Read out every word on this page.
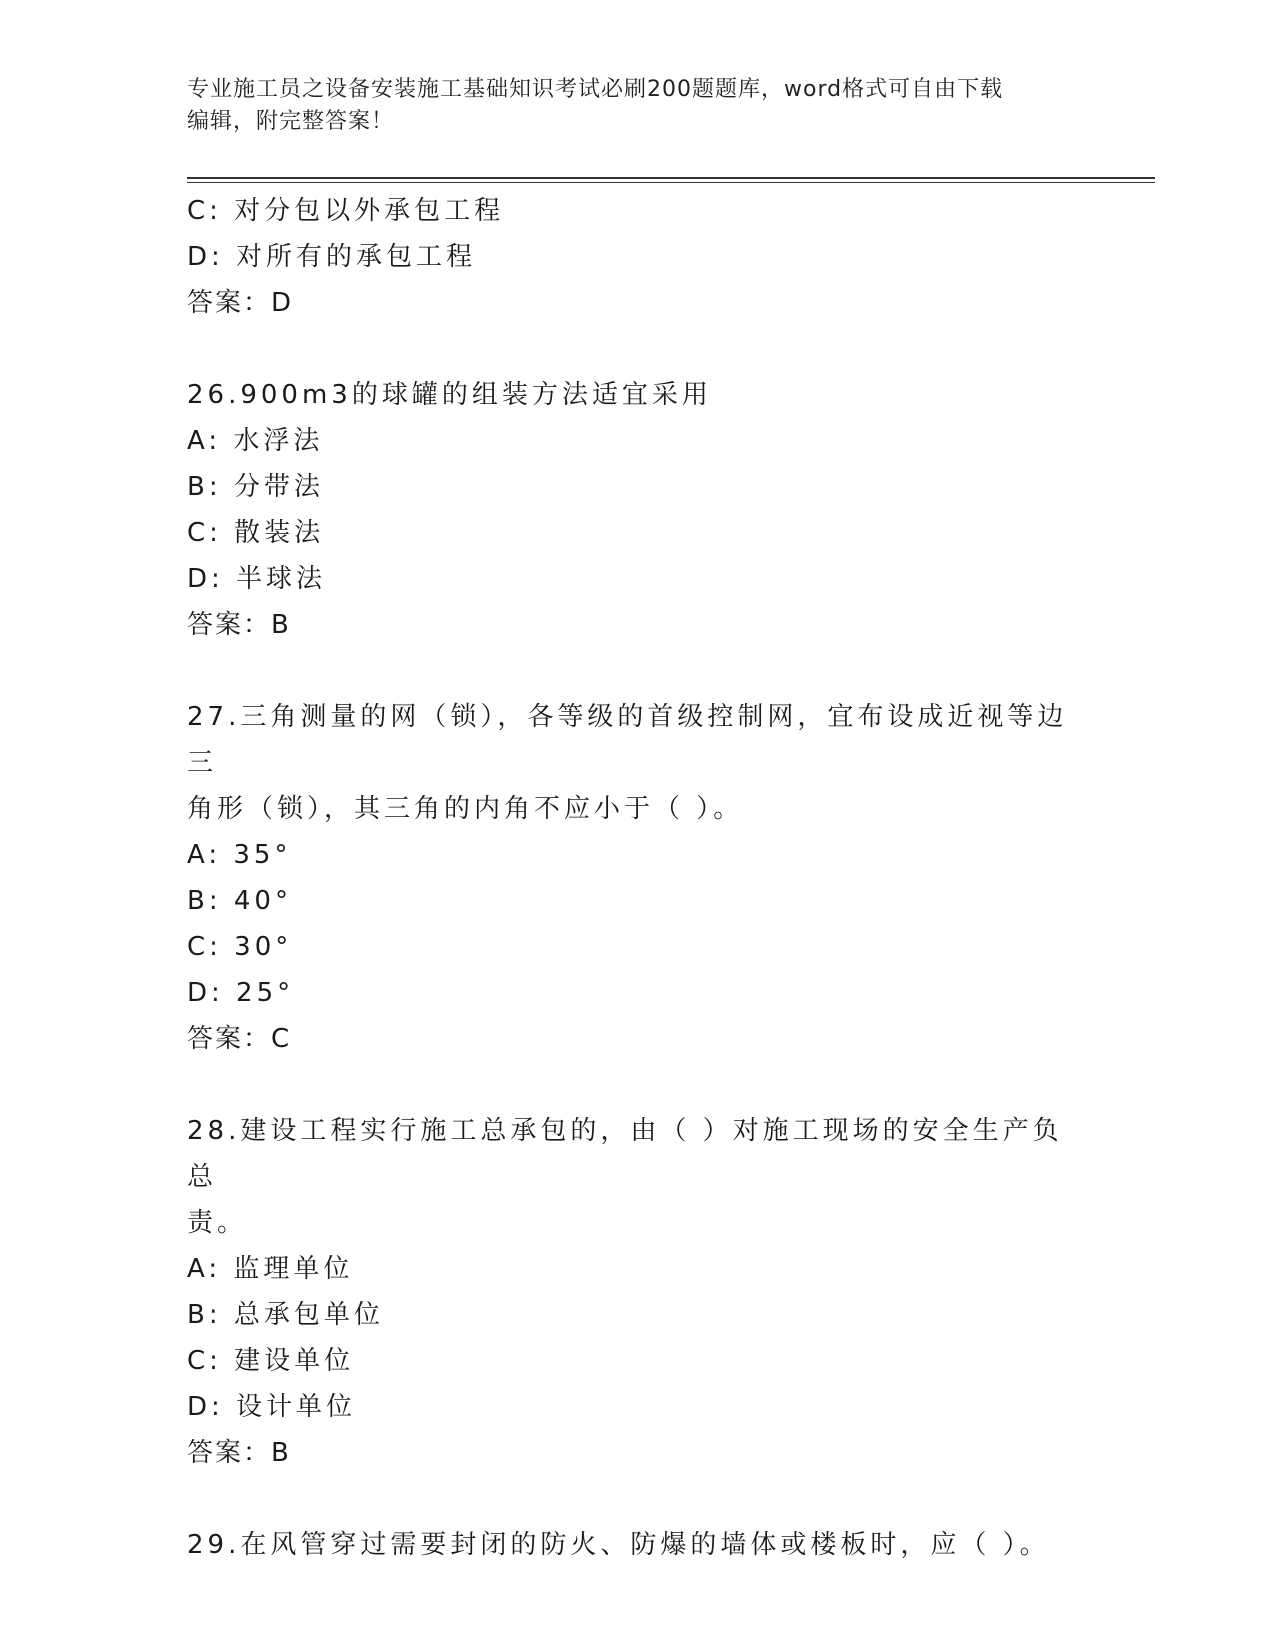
专业施工员之设备安装施工基础知识考试必刷200题题库，word格式可自由下载
编辑，附完整答案！
C: 对分包以外承包工程
D: 对所有的承包工程
答案：D
26.900m3的球罐的组装方法适宜采用
A: 水浮法
B: 分带法
C: 散装法
D: 半球法
答案：B
27.三角测量的网（锁），各等级的首级控制网，宜布设成近视等边三
角形（锁），其三角的内角不应小于（ ）。
A: 35°
B: 40°
C: 30°
D: 25°
答案：C
28.建设工程实行施工总承包的，由（ ）对施工现场的安全生产负总
责。
A: 监理单位
B: 总承包单位
C: 建设单位
D: 设计单位
答案：B
29.在风管穿过需要封闭的防火、防爆的墙体或楼板时，应（ ）。
